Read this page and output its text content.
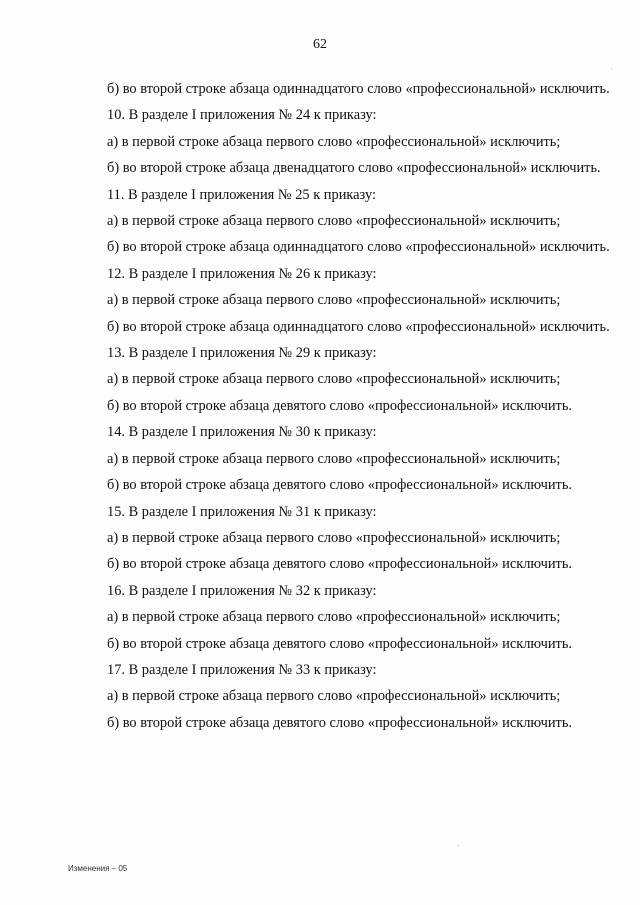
62

б) во второй строке абзаца одиннадцатого слово «профессиональной» исключить.

10. В разделе I приложения № 24 к приказу:

а) в первой строке абзаца первого слово «профессиональной» исключить;

б) во второй строке абзаца двенадцатого слово «профессиональной» исключить.

11. В разделе I приложения № 25 к приказу:

а) в первой строке абзаца первого слово «профессиональной» исключить;

б) во второй строке абзаца одиннадцатого слово «профессиональной» исключить.

12. В разделе I приложения № 26 к приказу:

а) в первой строке абзаца первого слово «профессиональной» исключить;

б) во второй строке абзаца одиннадцатого слово «профессиональной» исключить.

13. В разделе I приложения № 29 к приказу:

а) в первой строке абзаца первого слово «профессиональной» исключить;

б) во второй строке абзаца девятого слово «профессиональной» исключить.

14. В разделе I приложения № 30 к приказу:

а) в первой строке абзаца первого слово «профессиональной» исключить;

б) во второй строке абзаца девятого слово «профессиональной» исключить.

15. В разделе I приложения № 31 к приказу:

а) в первой строке абзаца первого слово «профессиональной» исключить;

б) во второй строке абзаца девятого слово «профессиональной» исключить.

16. В разделе I приложения № 32 к приказу:

а) в первой строке абзаца первого слово «профессиональной» исключить;

б) во второй строке абзаца девятого слово «профессиональной» исключить.

17. В разделе I приложения № 33 к приказу:

а) в первой строке абзаца первого слово «профессиональной» исключить;

б) во второй строке абзаца девятого слово «профессиональной» исключить.

Изменения – 05
